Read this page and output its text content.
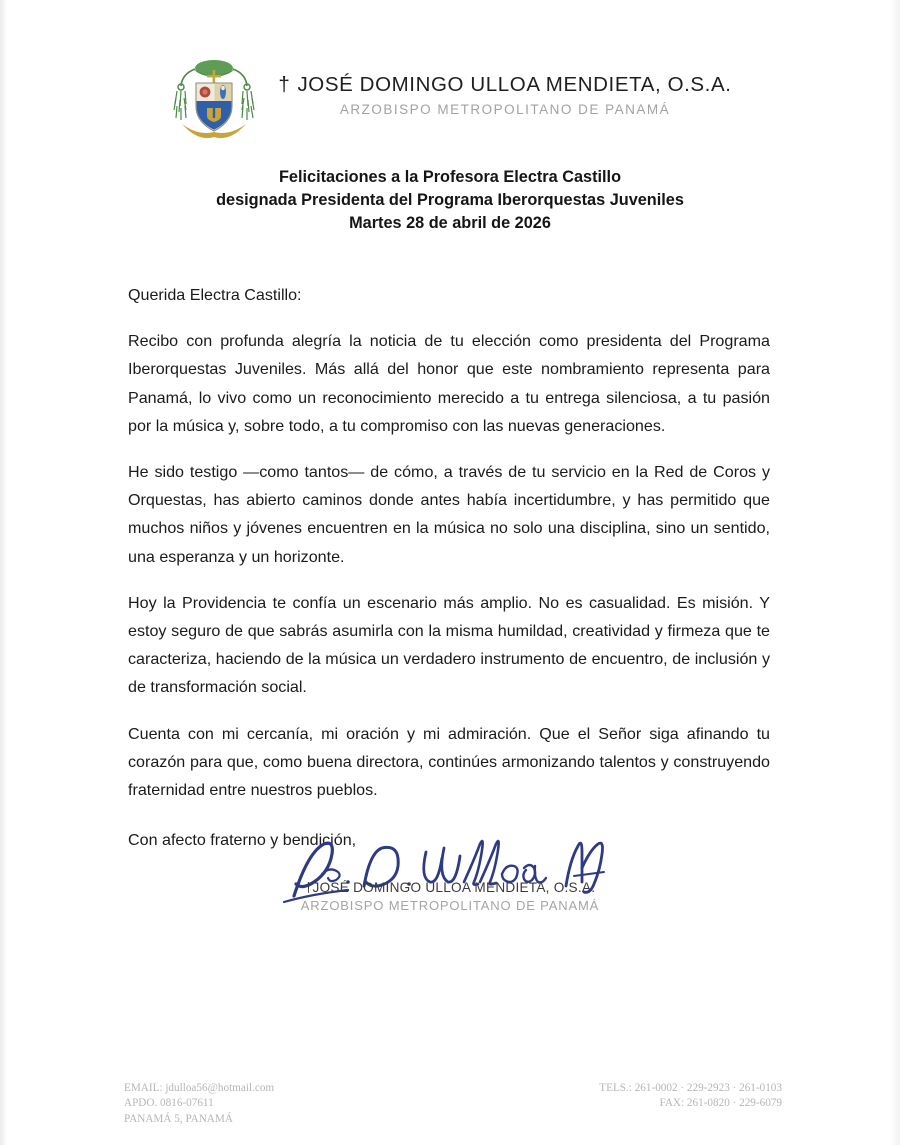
† JOSÉ DOMINGO ULLOA MENDIETA, O.S.A.
ARZOBISPO METROPOLITANO DE PANAMÁ
Felicitaciones a la Profesora Electra Castillo
designada Presidenta del Programa Iberorquestas Juveniles
Martes 28 de abril de 2026

Querida Electra Castillo:

Recibo con profunda alegría la noticia de tu elección como presidenta del Programa Iberorquestas Juveniles. Más allá del honor que este nombramiento representa para Panamá, lo vivo como un reconocimiento merecido a tu entrega silenciosa, a tu pasión por la música y, sobre todo, a tu compromiso con las nuevas generaciones.

He sido testigo —como tantos— de cómo, a través de tu servicio en la Red de Coros y Orquestas, has abierto caminos donde antes había incertidumbre, y has permitido que muchos niños y jóvenes encuentren en la música no solo una disciplina, sino un sentido, una esperanza y un horizonte.

Hoy la Providencia te confía un escenario más amplio. No es casualidad. Es misión. Y estoy seguro de que sabrás asumirla con la misma humildad, creatividad y firmeza que te caracteriza, haciendo de la música un verdadero instrumento de encuentro, de inclusión y de transformación social.

Cuenta con mi cercanía, mi oración y mi admiración. Que el Señor siga afinando tu corazón para que, como buena directora, continúes armonizando talentos y construyendo fraternidad entre nuestros pueblos.

Con afecto fraterno y bendición,

†JOSÉ DOMINGO ULLOA MENDIETA, O.S.A.
ARZOBISPO METROPOLITANO DE PANAMÁ
EMAIL: jdulloa56@hotmail.com
APDO. 0816-07611
PANAMÁ 5, PANAMÁ
TELS.: 261-0002 · 229-2923 · 261-0103
FAX: 261-0820 · 229-6079
